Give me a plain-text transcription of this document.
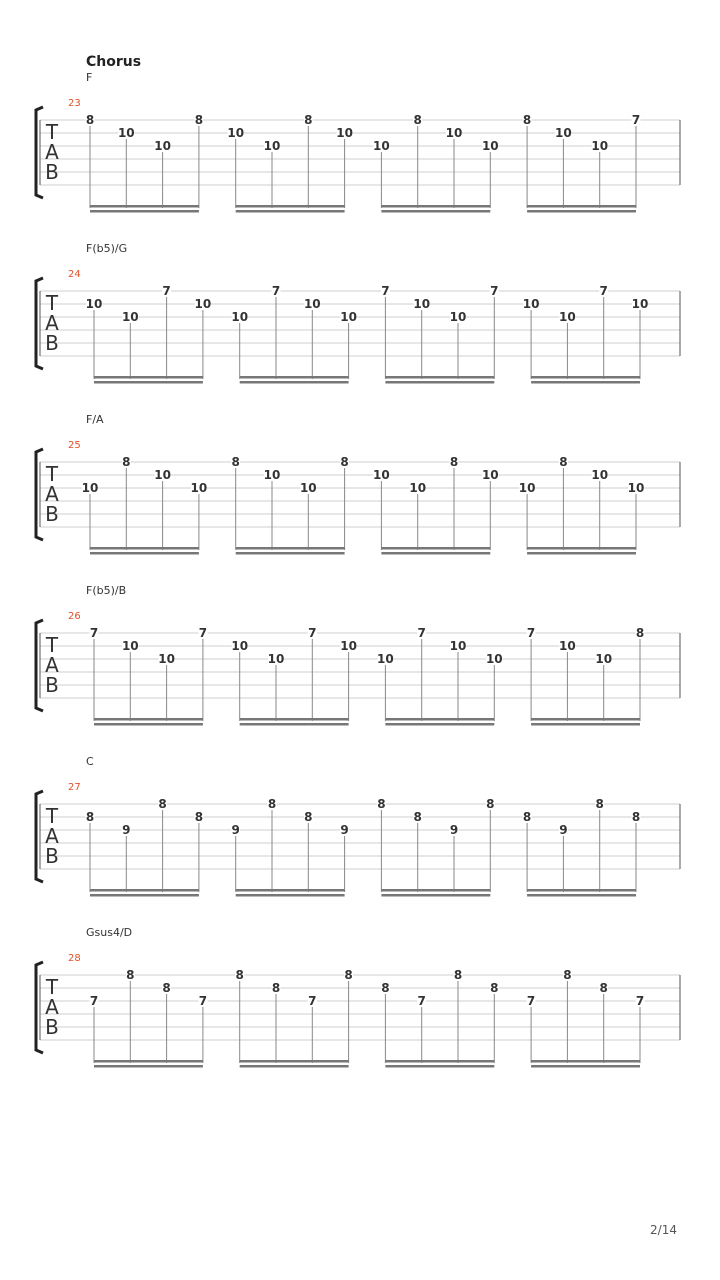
Chorus
T
A
B
8
10
10
8
10
10
8
10
10
8
10
10
8
10
10
7
T
A
B
10
10
7
10
10
7
10
10
7
10
10
7
10
10
7
10
T
A
B
10
8
10
10
8
10
10
8
10
10
8
10
10
8
10
10
T
A
B
7
10
10
7
10
10
7
10
10
7
10
10
7
10
10
8
T
A
B
8
9
8
8
9
8
8
9
8
8
9
8
8
9
8
8
T
A
B
7
8
8
7
8
8
7
8
8
7
8
8
7
8
8
7
2/14
F
23
F(b5)/G
24
F/A
25
F(b5)/B
26
C
27
Gsus4/D
28
